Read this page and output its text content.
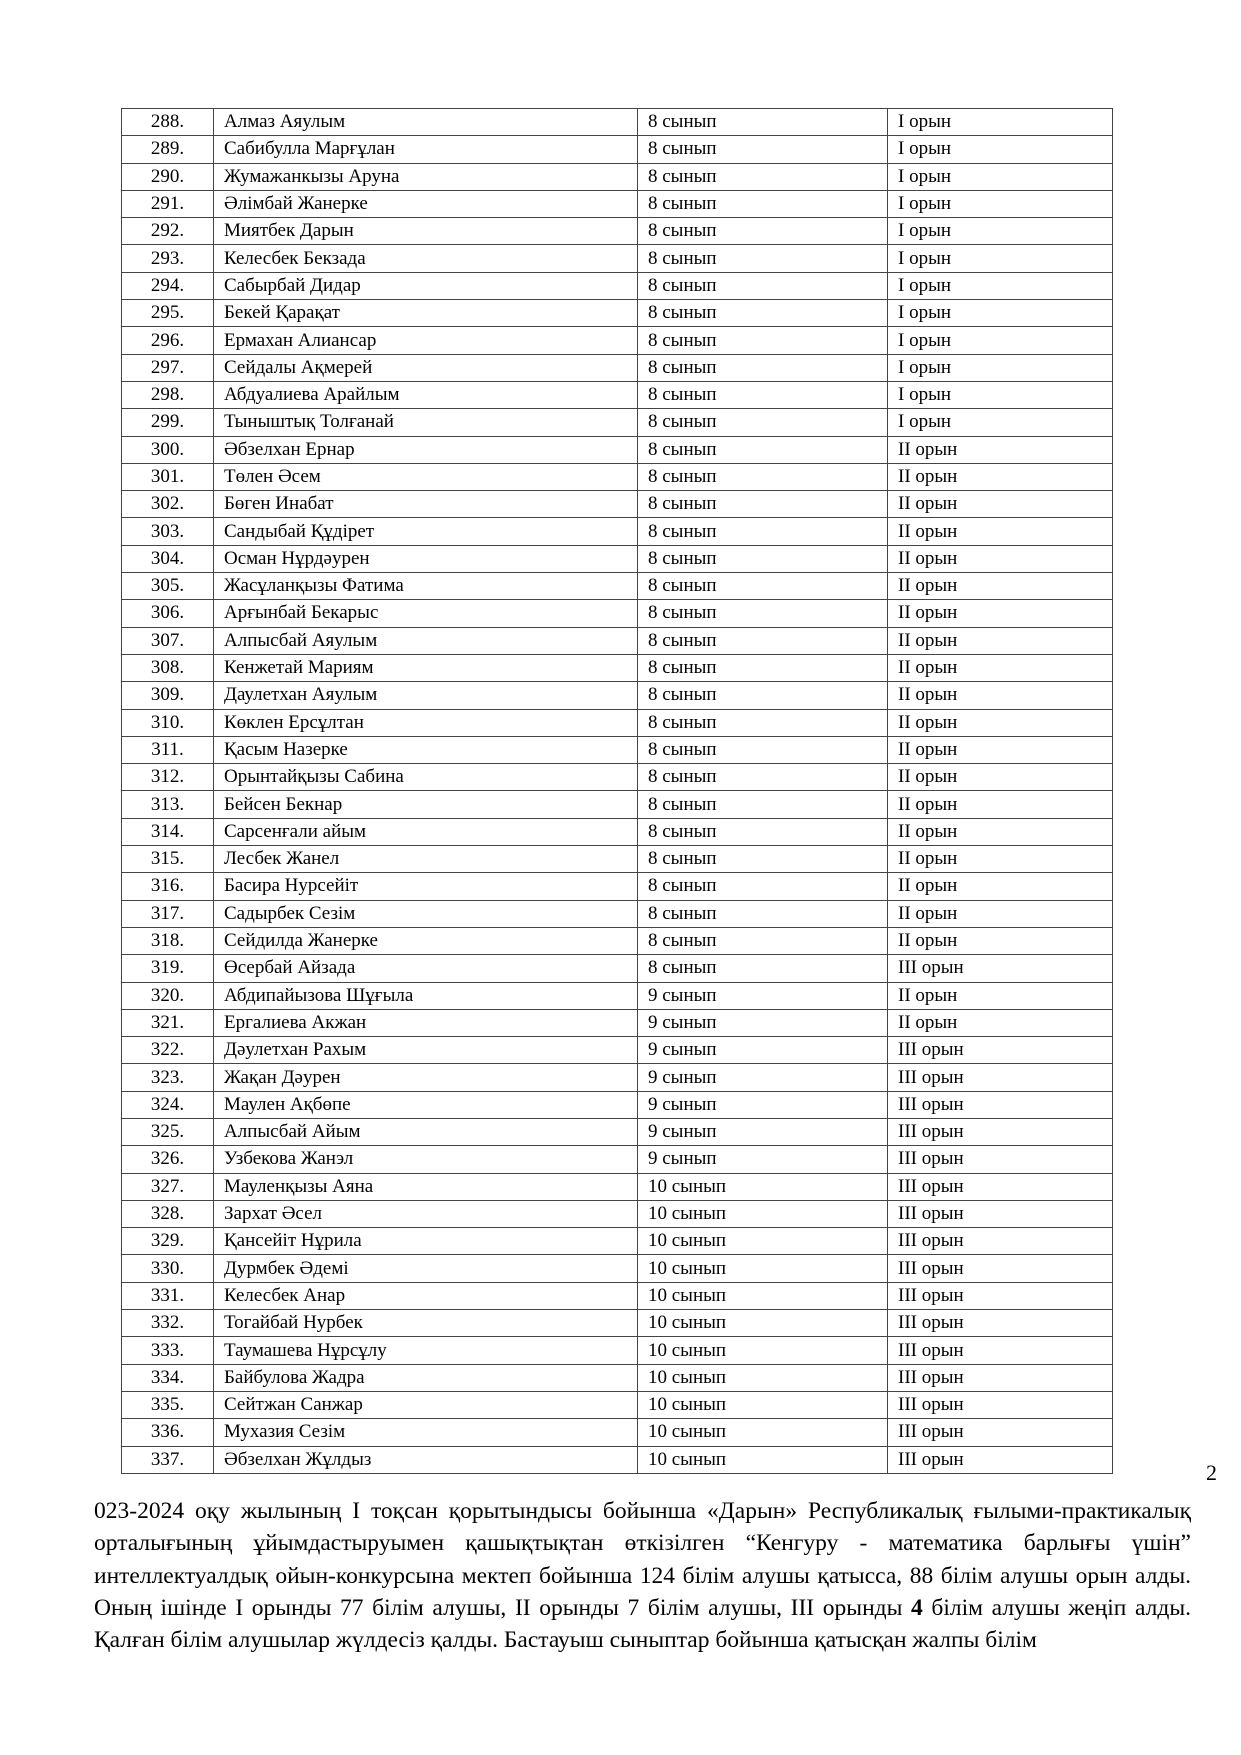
288.	Алмаз Аяулым	8 сынып	I орын
289.	Сабибулла Марғұлан	8 сынып	I орын
290.	Жумажанкызы Аруна	8 сынып	I орын
291.	Әлімбай Жанерке	8 сынып	I орын
292.	Миятбек Дарын	8 сынып	I орын
293.	Келесбек Бекзада	8 сынып	I орын
294.	Сабырбай Дидар	8 сынып	I орын
295.	Бекей Қарақат	8 сынып	I орын
296.	Ермахан Алиансар	8 сынып	I орын
297.	Сейдалы Ақмерей	8 сынып	I орын
298.	Абдуалиева Арайлым	8 сынып	I орын
299.	Тыныштық Толғанай	8 сынып	I орын
300.	Әбзелхан Ернар	8 сынып	II орын
301.	Төлен Әсем	8 сынып	II орын
302.	Бөген Инабат	8 сынып	II орын
303.	Сандыбай Құдірет	8 сынып	II орын
304.	Осман Нұрдәурен	8 сынып	II орын
305.	Жасұланқызы Фатима	8 сынып	II орын
306.	Арғынбай Бекарыс	8 сынып	II орын
307.	Алпысбай Аяулым	8 сынып	II орын
308.	Кенжетай Мариям	8 сынып	II орын
309.	Даулетхан Аяулым	8 сынып	II орын
310.	Көклен Ерсұлтан	8 сынып	II орын
311.	Қасым Назерке	8 сынып	II орын
312.	Орынтайқызы Сабина	8 сынып	II орын
313.	Бейсен Бекнар	8 сынып	II орын
314.	Сарсенғали айым	8 сынып	II орын
315.	Лесбек Жанел	8 сынып	II орын
316.	Басира Нурсейіт	8 сынып	II орын
317.	Садырбек Сезім	8 сынып	II орын
318.	Сейдилда Жанерке	8 сынып	II орын
319.	Өсербай Айзада	8 сынып	III орын
320.	Абдипайызова Шұғыла	9 сынып	II орын
321.	Ергалиева Акжан	9 сынып	II орын
322.	Дәулетхан Рахым	9 сынып	III орын
323.	Жақан Дәурен	9 сынып	III орын
324.	Маулен Ақбөпе	9 сынып	III орын
325.	Алпысбай Айым	9 сынып	III орын
326.	Узбекова Жанэл	9 сынып	III орын
327.	Мауленқызы Аяна	10 сынып	III орын
328.	Зархат Әсел	10 сынып	III орын
329.	Қансейіт Нұрила	10 сынып	III орын
330.	Дурмбек Әдемі	10 сынып	III орын
331.	Келесбек Анар	10 сынып	III орын
332.	Тогайбай Нурбек	10 сынып	III орын
333.	Таумашева Нұрсұлу	10 сынып	III орын
334.	Байбулова Жадра	10 сынып	III орын
335.	Сейтжан Санжар	10 сынып	III орын
336.	Мухазия Сезім	10 сынып	III орын
337.	Әбзелхан Жұлдыз	10 сынып	III орын
2

023-2024 оқу жылының І тоқсан қорытындысы бойынша «Дарын» Республикалық ғылыми-практикалық орталығының ұйымдастыруымен қашықтықтан өткізілген “Кенгуру - математика барлығы үшін” интеллектуалдық ойын-конкурсына мектеп бойынша 124 білім алушы қатысса, 88 білім алушы орын алды. Оның ішінде І орынды 77 білім алушы, ІІ орынды 7 білім алушы, ІІІ орынды 4 білім алушы жеңіп алды. Қалған білім алушылар жүлдесіз қалды. Бастауыш сыныптар бойынша қатысқан жалпы білім
